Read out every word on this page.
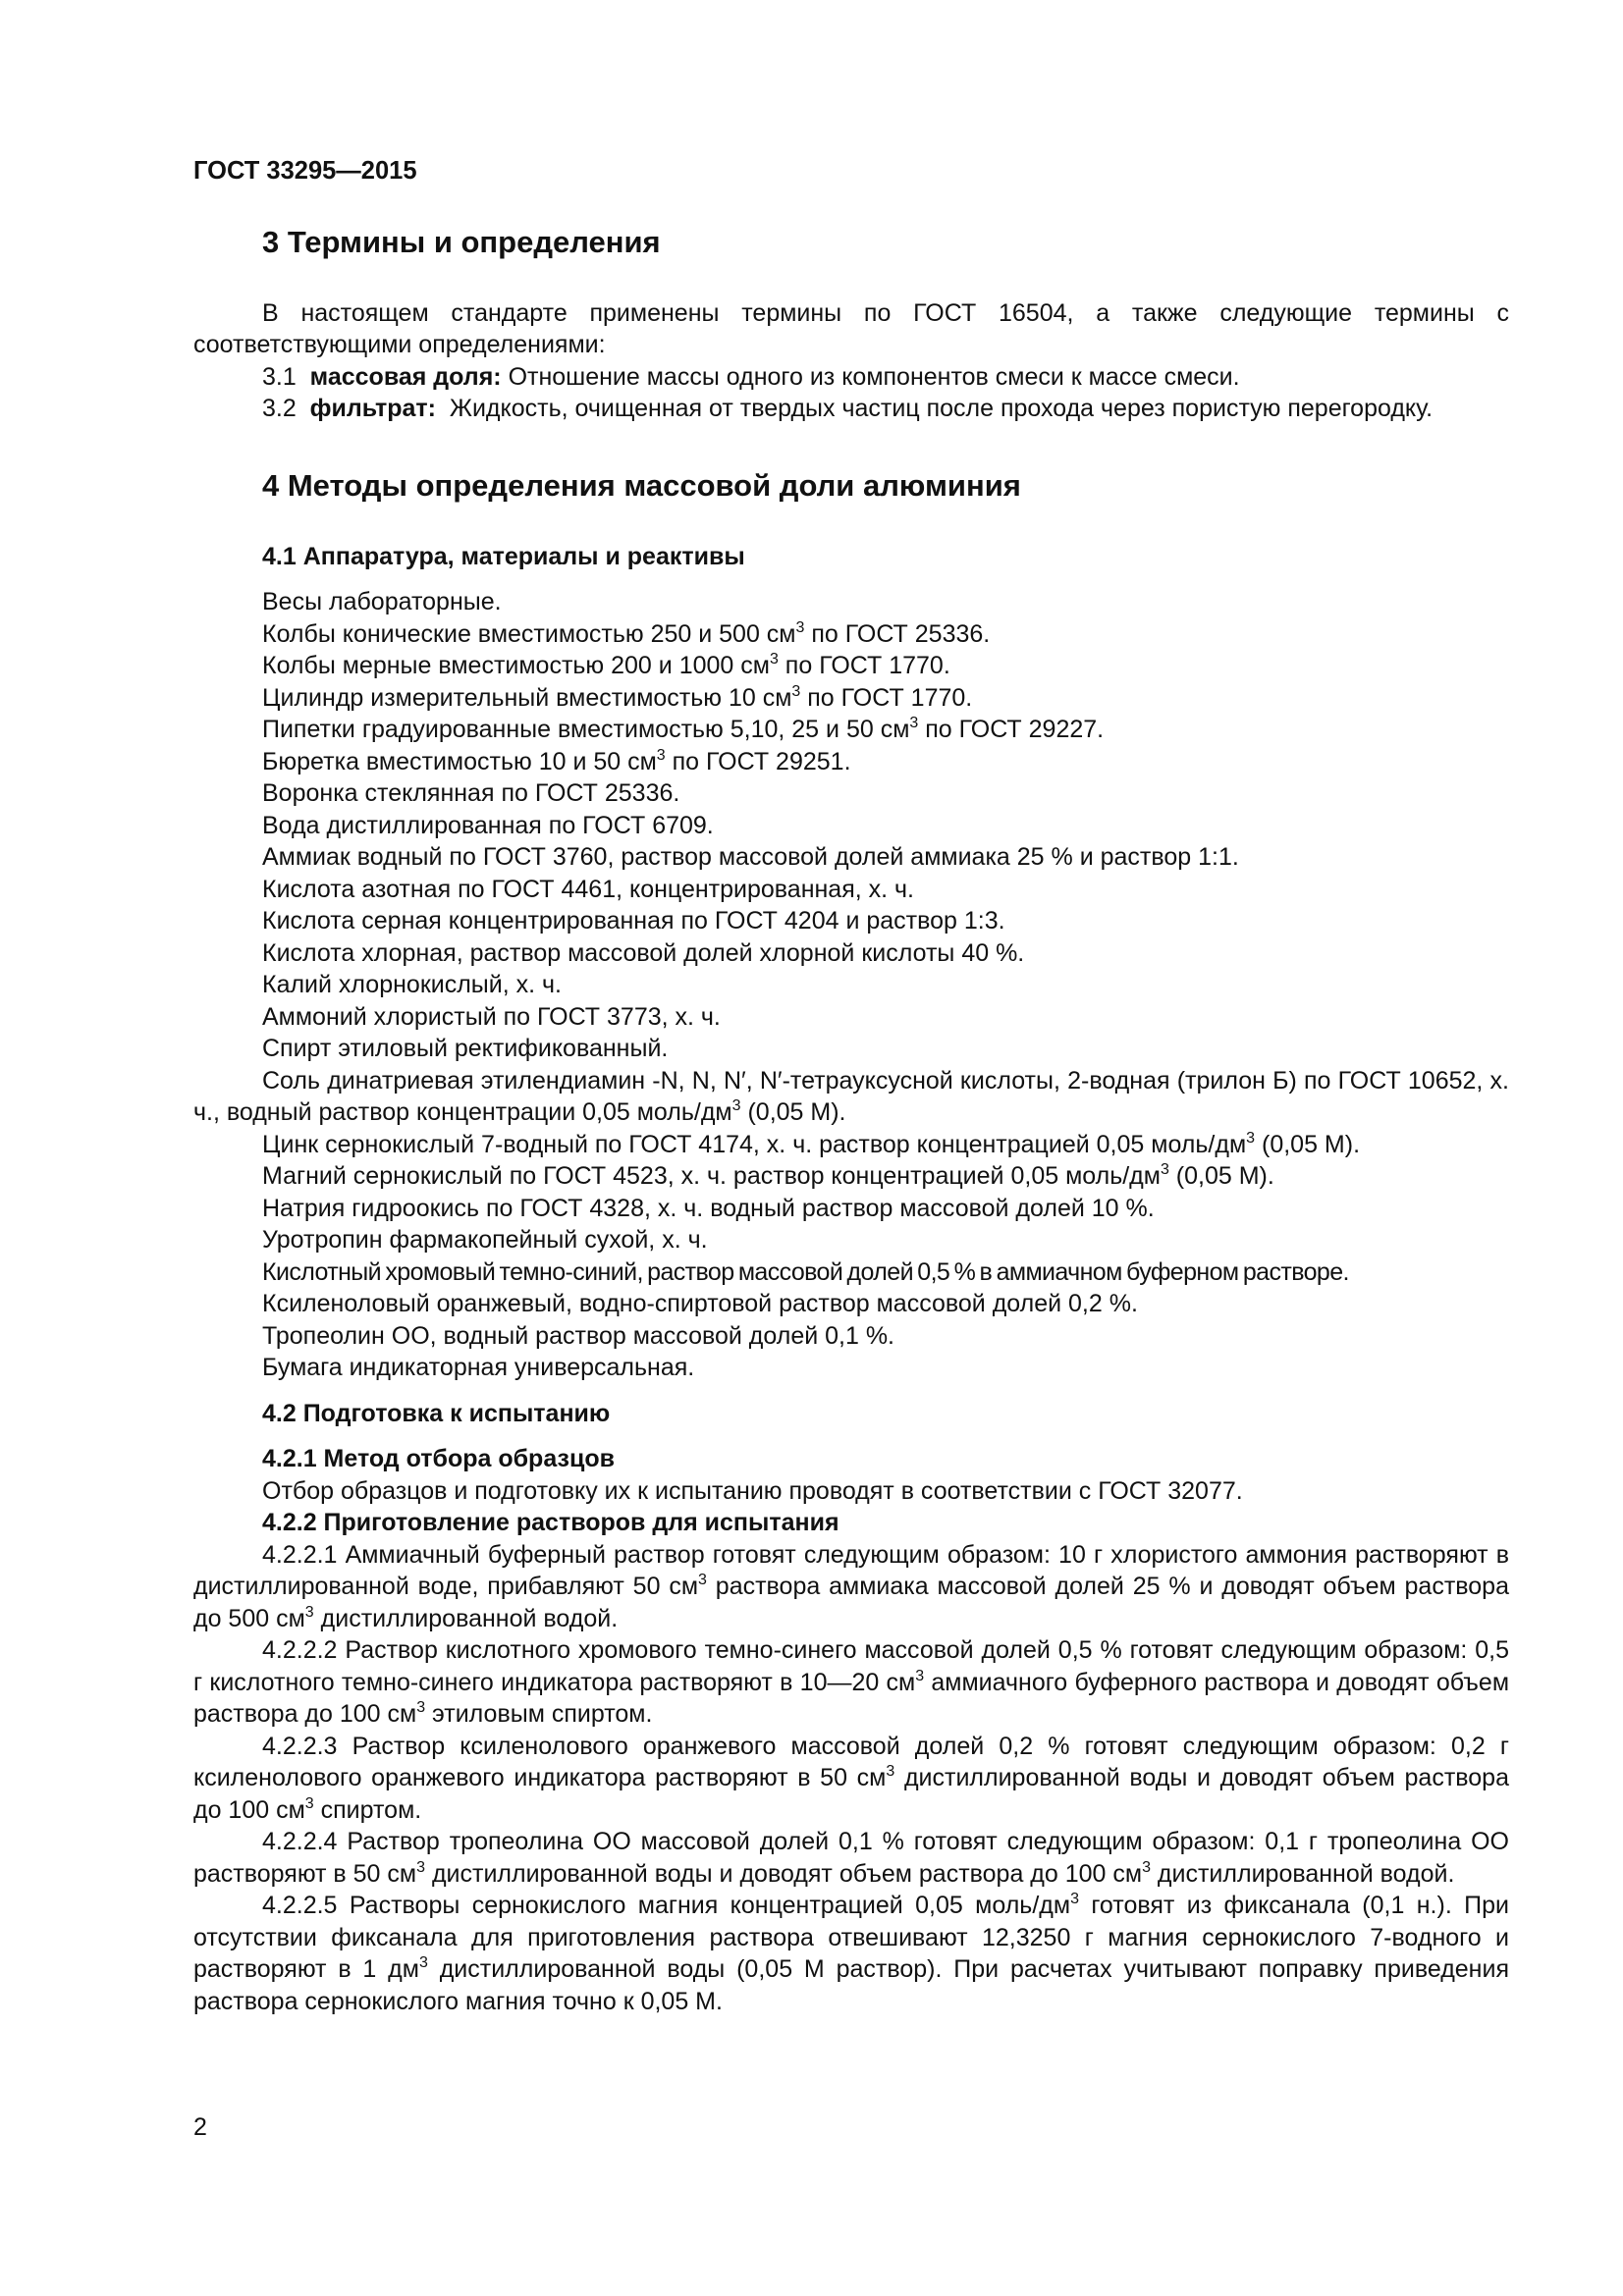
ГОСТ 33295—2015
3 Термины и определения

В настоящем стандарте применены термины по ГОСТ 16504, а также следующие термины с соответствующими определениями:

3.1 массовая доля: Отношение массы одного из компонентов смеси к массе смеси.

3.2 фильтрат: Жидкость, очищенная от твердых частиц после прохода через пористую перегородку.

4 Методы определения массовой доли алюминия
4.1 Аппаратура, материалы и реактивы

Весы лабораторные.

Колбы конические вместимостью 250 и 500 $см^3$ по ГОСТ 25336.

Колбы мерные вместимостью 200 и 1000 $см^3$ по ГОСТ 1770.

Цилиндр измерительный вместимостью 10 $см^3$ по ГОСТ 1770.

Пипетки градуированные вместимостью 5,10, 25 и 50 $см^3$ по ГОСТ 29227.

Бюретка вместимостью 10 и 50 $см^3$ по ГОСТ 29251.

Воронка стеклянная по ГОСТ 25336.

Вода дистиллированная по ГОСТ 6709.

Аммиак водный по ГОСТ 3760, раствор массовой долей аммиака 25 % и раствор 1:1.

Кислота азотная по ГОСТ 4461, концентрированная, х. ч.

Кислота серная концентрированная по ГОСТ 4204 и раствор 1:3.

Кислота хлорная, раствор массовой долей хлорной кислоты 40 %.

Калий хлорнокислый, х. ч.

Аммоний хлористый по ГОСТ 3773, х. ч.

Спирт этиловый ректификованный.

Соль динатриевая этилендиамин -N, N, N′, N′-тетрауксусной кислоты, 2-водная (трилон Б) по ГОСТ 10652, х. ч., водный раствор концентрации 0,05 моль/$дм^3$ (0,05 М).

Цинк сернокислый 7-водный по ГОСТ 4174, х. ч. раствор концентрацией 0,05 моль/$дм^3$ (0,05 М).

Магний сернокислый по ГОСТ 4523, х. ч. раствор концентрацией 0,05 моль/$дм^3$ (0,05 М).

Натрия гидроокись по ГОСТ 4328, х. ч. водный раствор массовой долей 10 %.

Уротропин фармакопейный сухой, х. ч.

Кислотный хромовый темно-синий, раствор массовой долей 0,5 % в аммиачном буферном растворе.

Ксиленоловый оранжевый, водно-спиртовой раствор массовой долей 0,2 %.

Тропеолин ОО, водный раствор массовой долей 0,1 %.

Бумага индикаторная универсальная.

4.2 Подготовка к испытанию

4.2.1 Метод отбора образцов

Отбор образцов и подготовку их к испытанию проводят в соответствии с ГОСТ 32077.

4.2.2 Приготовление растворов для испытания

4.2.2.1 Аммиачный буферный раствор готовят следующим образом: 10 г хлористого аммония растворяют в дистиллированной воде, прибавляют 50 $см^3$ раствора аммиака массовой долей 25 % и доводят объем раствора до 500 $см^3$ дистиллированной водой.

4.2.2.2 Раствор кислотного хромового темно-синего массовой долей 0,5 % готовят следующим образом: 0,5 г кислотного темно-синего индикатора растворяют в 10—20 $см^3$ аммиачного буферного раствора и доводят объем раствора до 100 $см^3$ этиловым спиртом.

4.2.2.3 Раствор ксиленолового оранжевого массовой долей 0,2 % готовят следующим образом: 0,2 г ксиленолового оранжевого индикатора растворяют в 50 $см^3$ дистиллированной воды и доводят объем раствора до 100 $см^3$ спиртом.

4.2.2.4 Раствор тропеолина ОО массовой долей 0,1 % готовят следующим образом: 0,1 г тропеолина ОО растворяют в 50 $см^3$ дистиллированной воды и доводят объем раствора до 100 $см^3$ дистиллированной водой.

4.2.2.5 Растворы сернокислого магния концентрацией 0,05 моль/$дм^3$ готовят из фиксанала (0,1 н.). При отсутствии фиксанала для приготовления раствора отвешивают 12,3250 г магния сернокислого 7-водного и растворяют в 1 $дм^3$ дистиллированной воды (0,05 М раствор). При расчетах учитывают поправку приведения раствора сернокислого магния точно к 0,05 М.

2
